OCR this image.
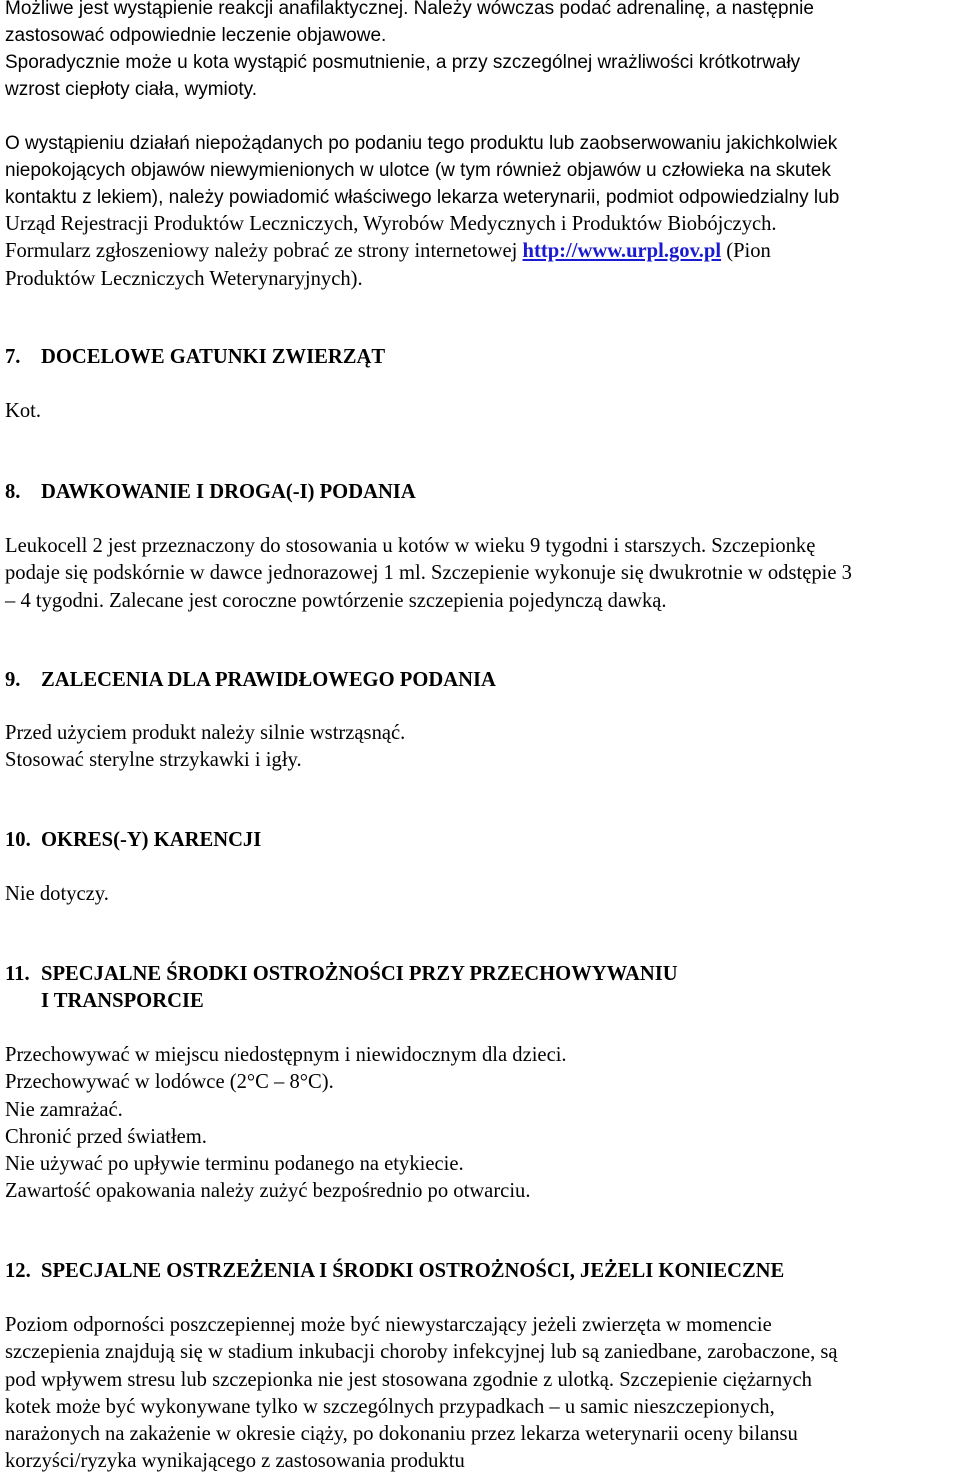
Możliwe jest wystąpienie reakcji anafilaktycznej. Należy wówczas podać adrenalinę, a następnie
zastosować odpowiednie leczenie objawowe.
Sporadycznie może u kota wystąpić posmutnienie, a przy szczególnej wrażliwości krótkotrwały
wzrost ciepłoty ciała, wymioty.
O wystąpieniu działań niepożądanych po podaniu tego produktu lub zaobserwowaniu jakichkolwiek
niepokojących objawów niewymienionych w ulotce (w tym również objawów u człowieka na skutek
kontaktu z lekiem), należy powiadomić właściwego lekarza weterynarii, podmiot odpowiedzialny lub
Urząd Rejestracji Produktów Leczniczych, Wyrobów Medycznych i Produktów Biobójczych.
Formularz zgłoszeniowy należy pobrać ze strony internetowej http://www.urpl.gov.pl (Pion
Produktów Leczniczych Weterynaryjnych).
7. DOCELOWE GATUNKI ZWIERZĄT
Kot.
8. DAWKOWANIE I DROGA(-I) PODANIA
Leukocell 2 jest przeznaczony do stosowania u kotów w wieku 9 tygodni i starszych. Szczepionkę
podaje się podskórnie w dawce jednorazowej 1 ml. Szczepienie wykonuje się dwukrotnie w odstępie 3
– 4 tygodni. Zalecane jest coroczne powtórzenie szczepienia pojedynczą dawką.
9. ZALECENIA DLA PRAWIDŁOWEGO PODANIA
Przed użyciem produkt należy silnie wstrząsnąć.
Stosować sterylne strzykawki i igły.
10. OKRES(-Y) KARENCJI
Nie dotyczy.
11. SPECJALNE ŚRODKI OSTROŻNOŚCI PRZY PRZECHOWYWANIU
I TRANSPORCIE
Przechowywać w miejscu niedostępnym i niewidocznym dla dzieci.
Przechowywać w lodówce (2°C – 8°C).
Nie zamrażać.
Chronić przed światłem.
Nie używać po upływie terminu podanego na etykiecie.
Zawartość opakowania należy zużyć bezpośrednio po otwarciu.
12. SPECJALNE OSTRZEŻENIA I ŚRODKI OSTROŻNOŚCI, JEŻELI KONIECZNE
Poziom odporności poszczepiennej może być niewystarczający jeżeli zwierzęta w momencie
szczepienia znajdują się w stadium inkubacji choroby infekcyjnej lub są zaniedbane, zarobaczone, są
pod wpływem stresu lub szczepionka nie jest stosowana zgodnie z ulotką. Szczepienie ciężarnych
kotek może być wykonywane tylko w szczególnych przypadkach – u samic nieszczepionych,
narażonych na zakażenie w okresie ciąży, po dokonaniu przez lekarza weterynarii oceny bilansu
korzyści/ryzyka wynikającego z zastosowania produktu
